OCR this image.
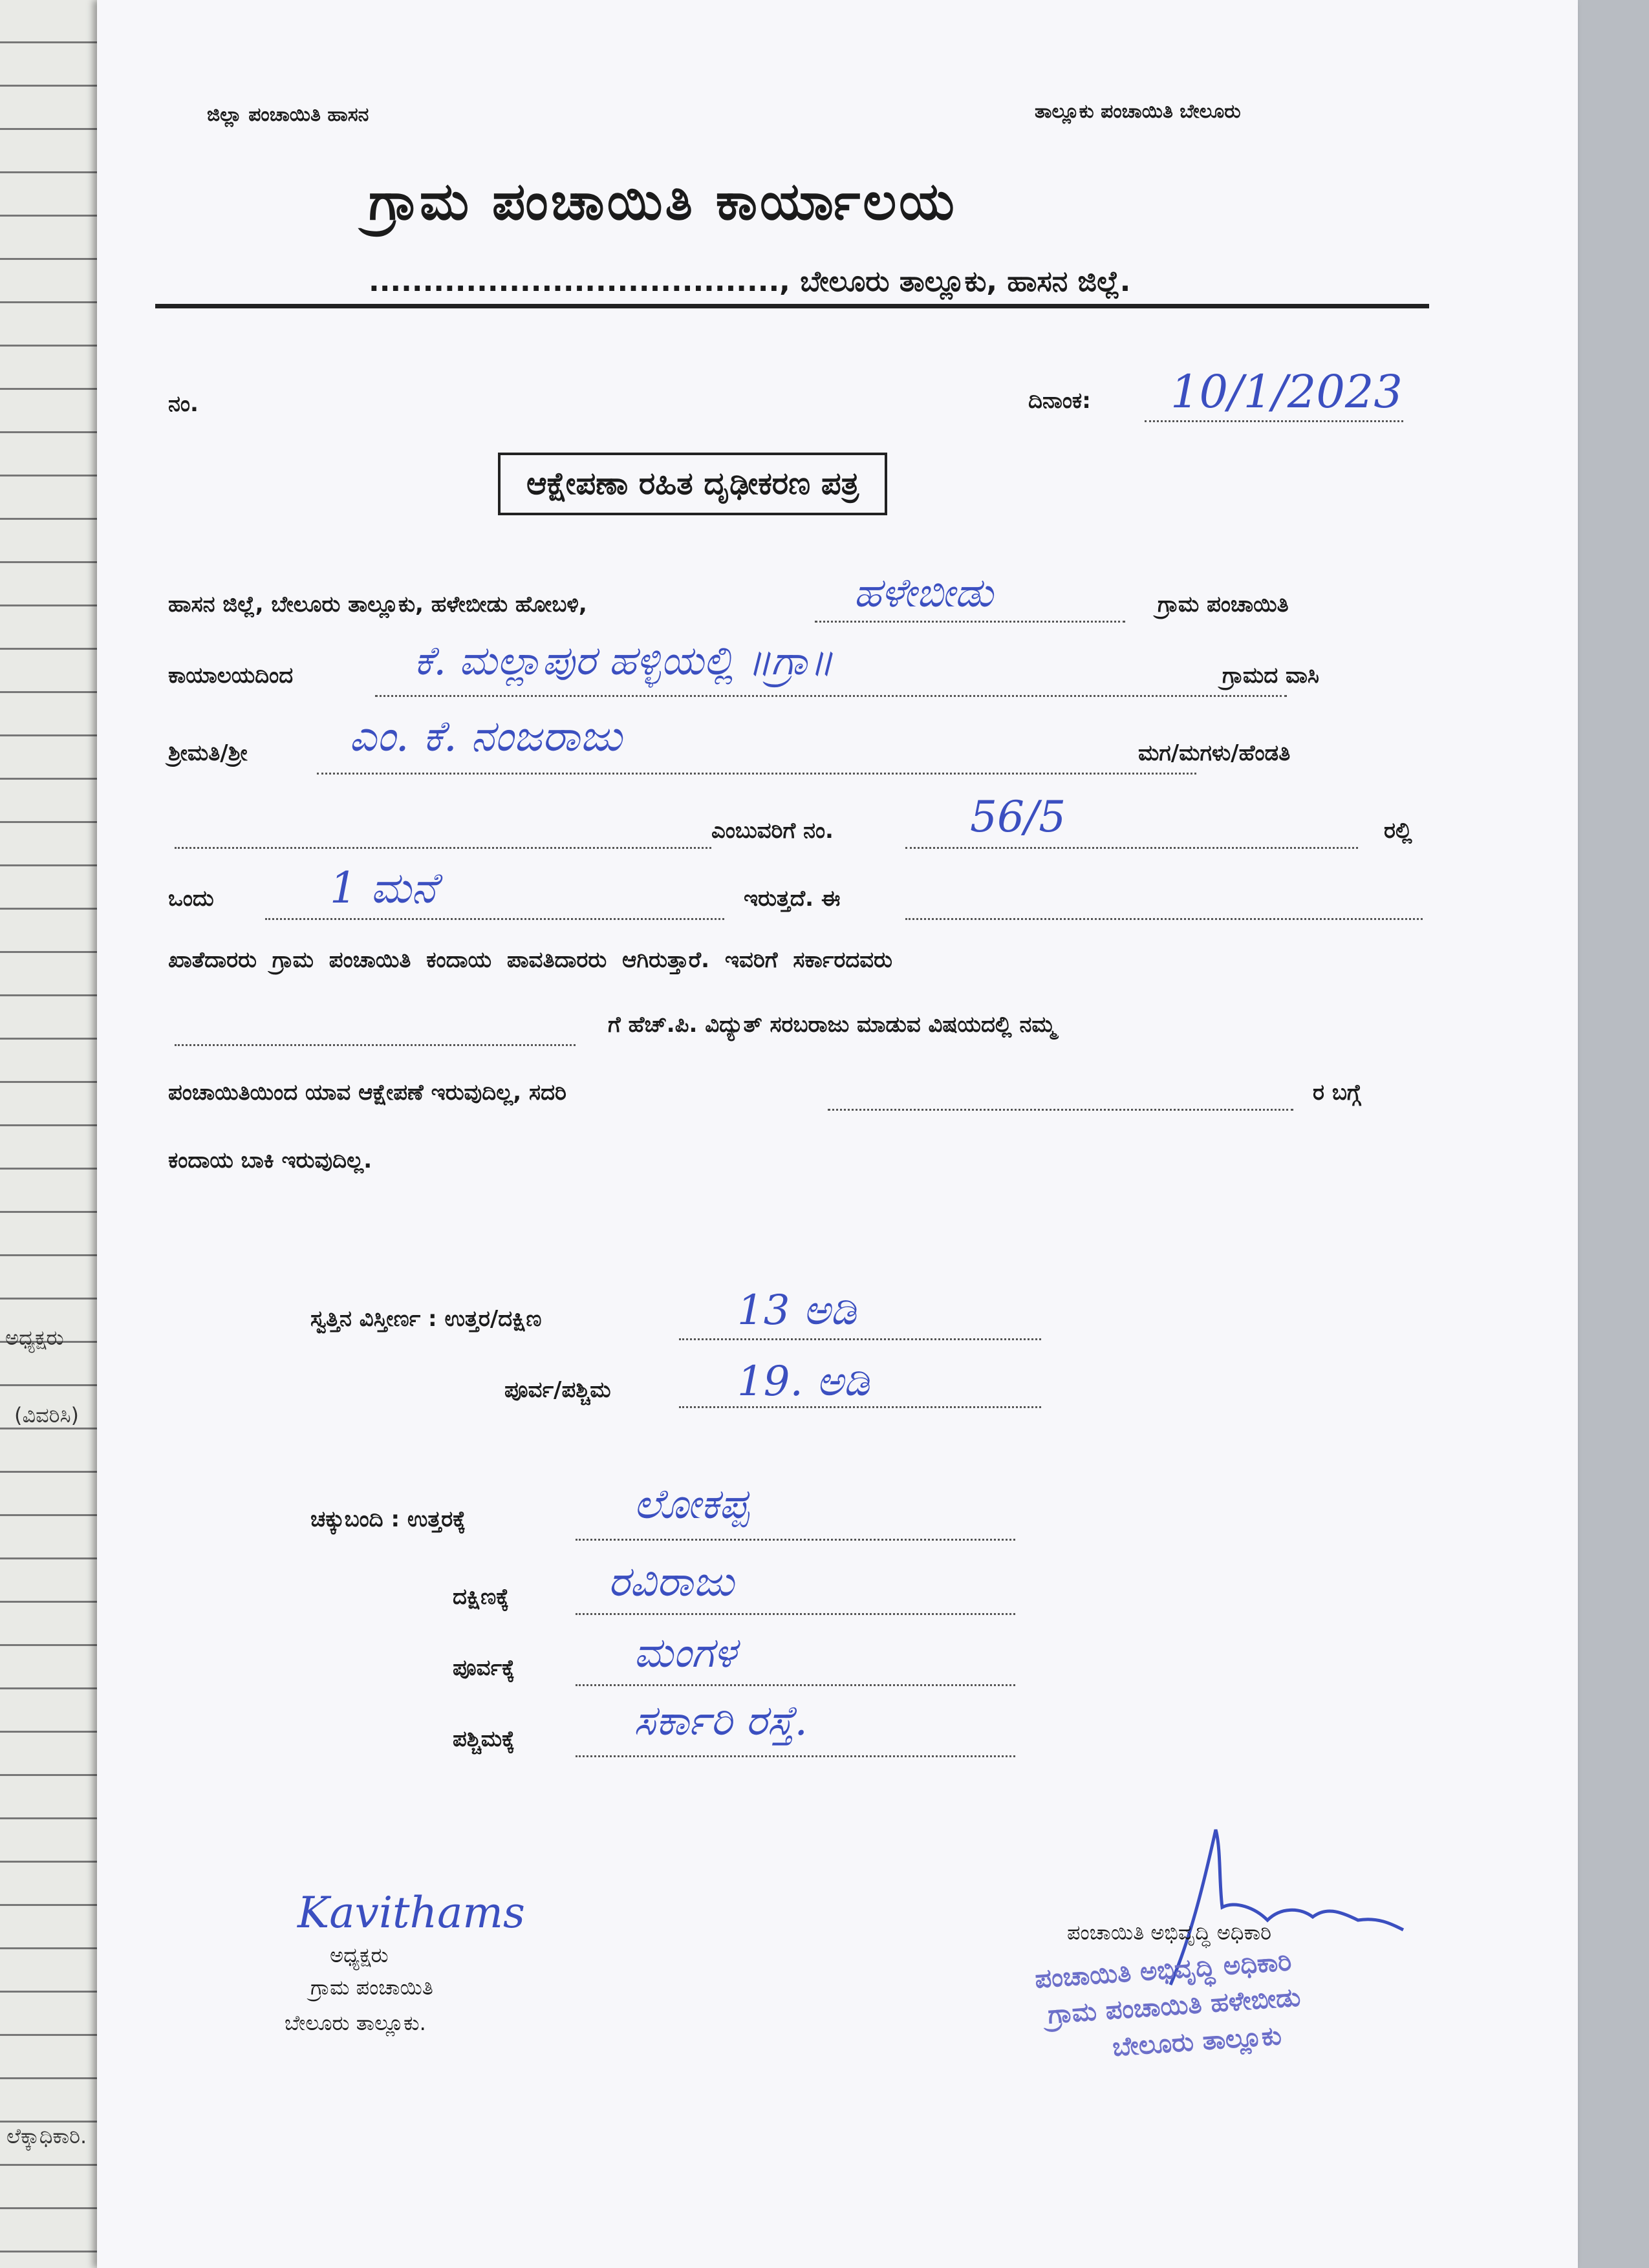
ಅಧ್ಯಕ್ಷರು
(ವಿವರಿಸಿ)
ಲೆಕ್ಕಾಧಿಕಾರಿ.
ಜಿಲ್ಲಾ ಪಂಚಾಯಿತಿ ಹಾಸನ	ತಾಲ್ಲೂಕು ಪಂಚಾಯಿತಿ ಬೇಲೂರು
ಗ್ರಾಮ ಪಂಚಾಯಿತಿ ಕಾರ್ಯಾಲಯ
......................................, ಬೇಲೂರು ತಾಲ್ಲೂಕು, ಹಾಸನ ಜಿಲ್ಲೆ.
ನಂ.	ದಿನಾಂಕ: 10/1/2023
ಆಕ್ಷೇಪಣಾ ರಹಿತ ದೃಢೀಕರಣ ಪತ್ರ
ಹಾಸನ ಜಿಲ್ಲೆ, ಬೇಲೂರು ತಾಲ್ಲೂಕು, ಹಳೇಬೀಡು ಹೋಬಳಿ,	ಹಳೇಬೀಡು	ಗ್ರಾಮ ಪಂಚಾಯಿತಿ
ಕಾಯಾಲಯದಿಂದ	ಕೆ. ಮಲ್ಲಾಪುರ ಹಳ್ಳಿಯಲ್ಲಿ ॥ಗ್ರಾ॥	ಗ್ರಾಮದ ವಾಸಿ
ಶ್ರೀಮತಿ/ಶ್ರೀ ಎಂ. ಕೆ. ನಂಜರಾಜು	ಮಗ/ಮಗಳು/ಹೆಂಡತಿ
ಎಂಬುವರಿಗೆ ನಂ.	56/5	ರಲ್ಲಿ
ಒಂದು	1 ಮನೆ	ಇರುತ್ತದೆ. ಈ
ಖಾತೆದಾರರು ಗ್ರಾಮ ಪಂಚಾಯಿತಿ ಕಂದಾಯ ಪಾವತಿದಾರರು ಆಗಿರುತ್ತಾರೆ. ಇವರಿಗೆ ಸರ್ಕಾರದವರು
ಗೆ ಹೆಚ್.ಪಿ. ವಿದ್ಯುತ್ ಸರಬರಾಜು ಮಾಡುವ ವಿಷಯದಲ್ಲಿ ನಮ್ಮ
ಪಂಚಾಯಿತಿಯಿಂದ ಯಾವ ಆಕ್ಷೇಪಣೆ ಇರುವುದಿಲ್ಲ, ಸದರಿ	ರ ಬಗ್ಗೆ
ಕಂದಾಯ ಬಾಕಿ ಇರುವುದಿಲ್ಲ.
ಸ್ವತ್ತಿನ ವಿಸ್ತೀರ್ಣ : ಉತ್ತರ/ದಕ್ಷಿಣ	13 ಅಡಿ
ಪೂರ್ವ/ಪಶ್ಚಿಮ	19. ಅಡಿ
ಚಕ್ಕುಬಂದಿ : ಉತ್ತರಕ್ಕೆ	ಲೋಕಪ್ಪ
ದಕ್ಷಿಣಕ್ಕೆ ರವಿರಾಜು
ಪೂರ್ವಕ್ಕೆ	ಮಂಗಳ
ಪಶ್ಚಿಮಕ್ಕೆ	ಸರ್ಕಾರಿ ರಸ್ತೆ.
Kavithams
ಅಧ್ಯಕ್ಷರು
ಗ್ರಾಮ ಪಂಚಾಯಿತಿ
ಬೇಲೂರು ತಾಲ್ಲೂಕು.
ಪಂಚಾಯಿತಿ ಅಭಿವೃದ್ಧಿ ಅಧಿಕಾರಿ
ಪಂಚಾಯಿತಿ ಅಭಿವೃದ್ಧಿ ಅಧಿಕಾರಿ
ಗ್ರಾಮ ಪಂಚಾಯಿತಿ ಹಳೇಬೀಡು
ಬೇಲೂರು ತಾಲ್ಲೂಕು
